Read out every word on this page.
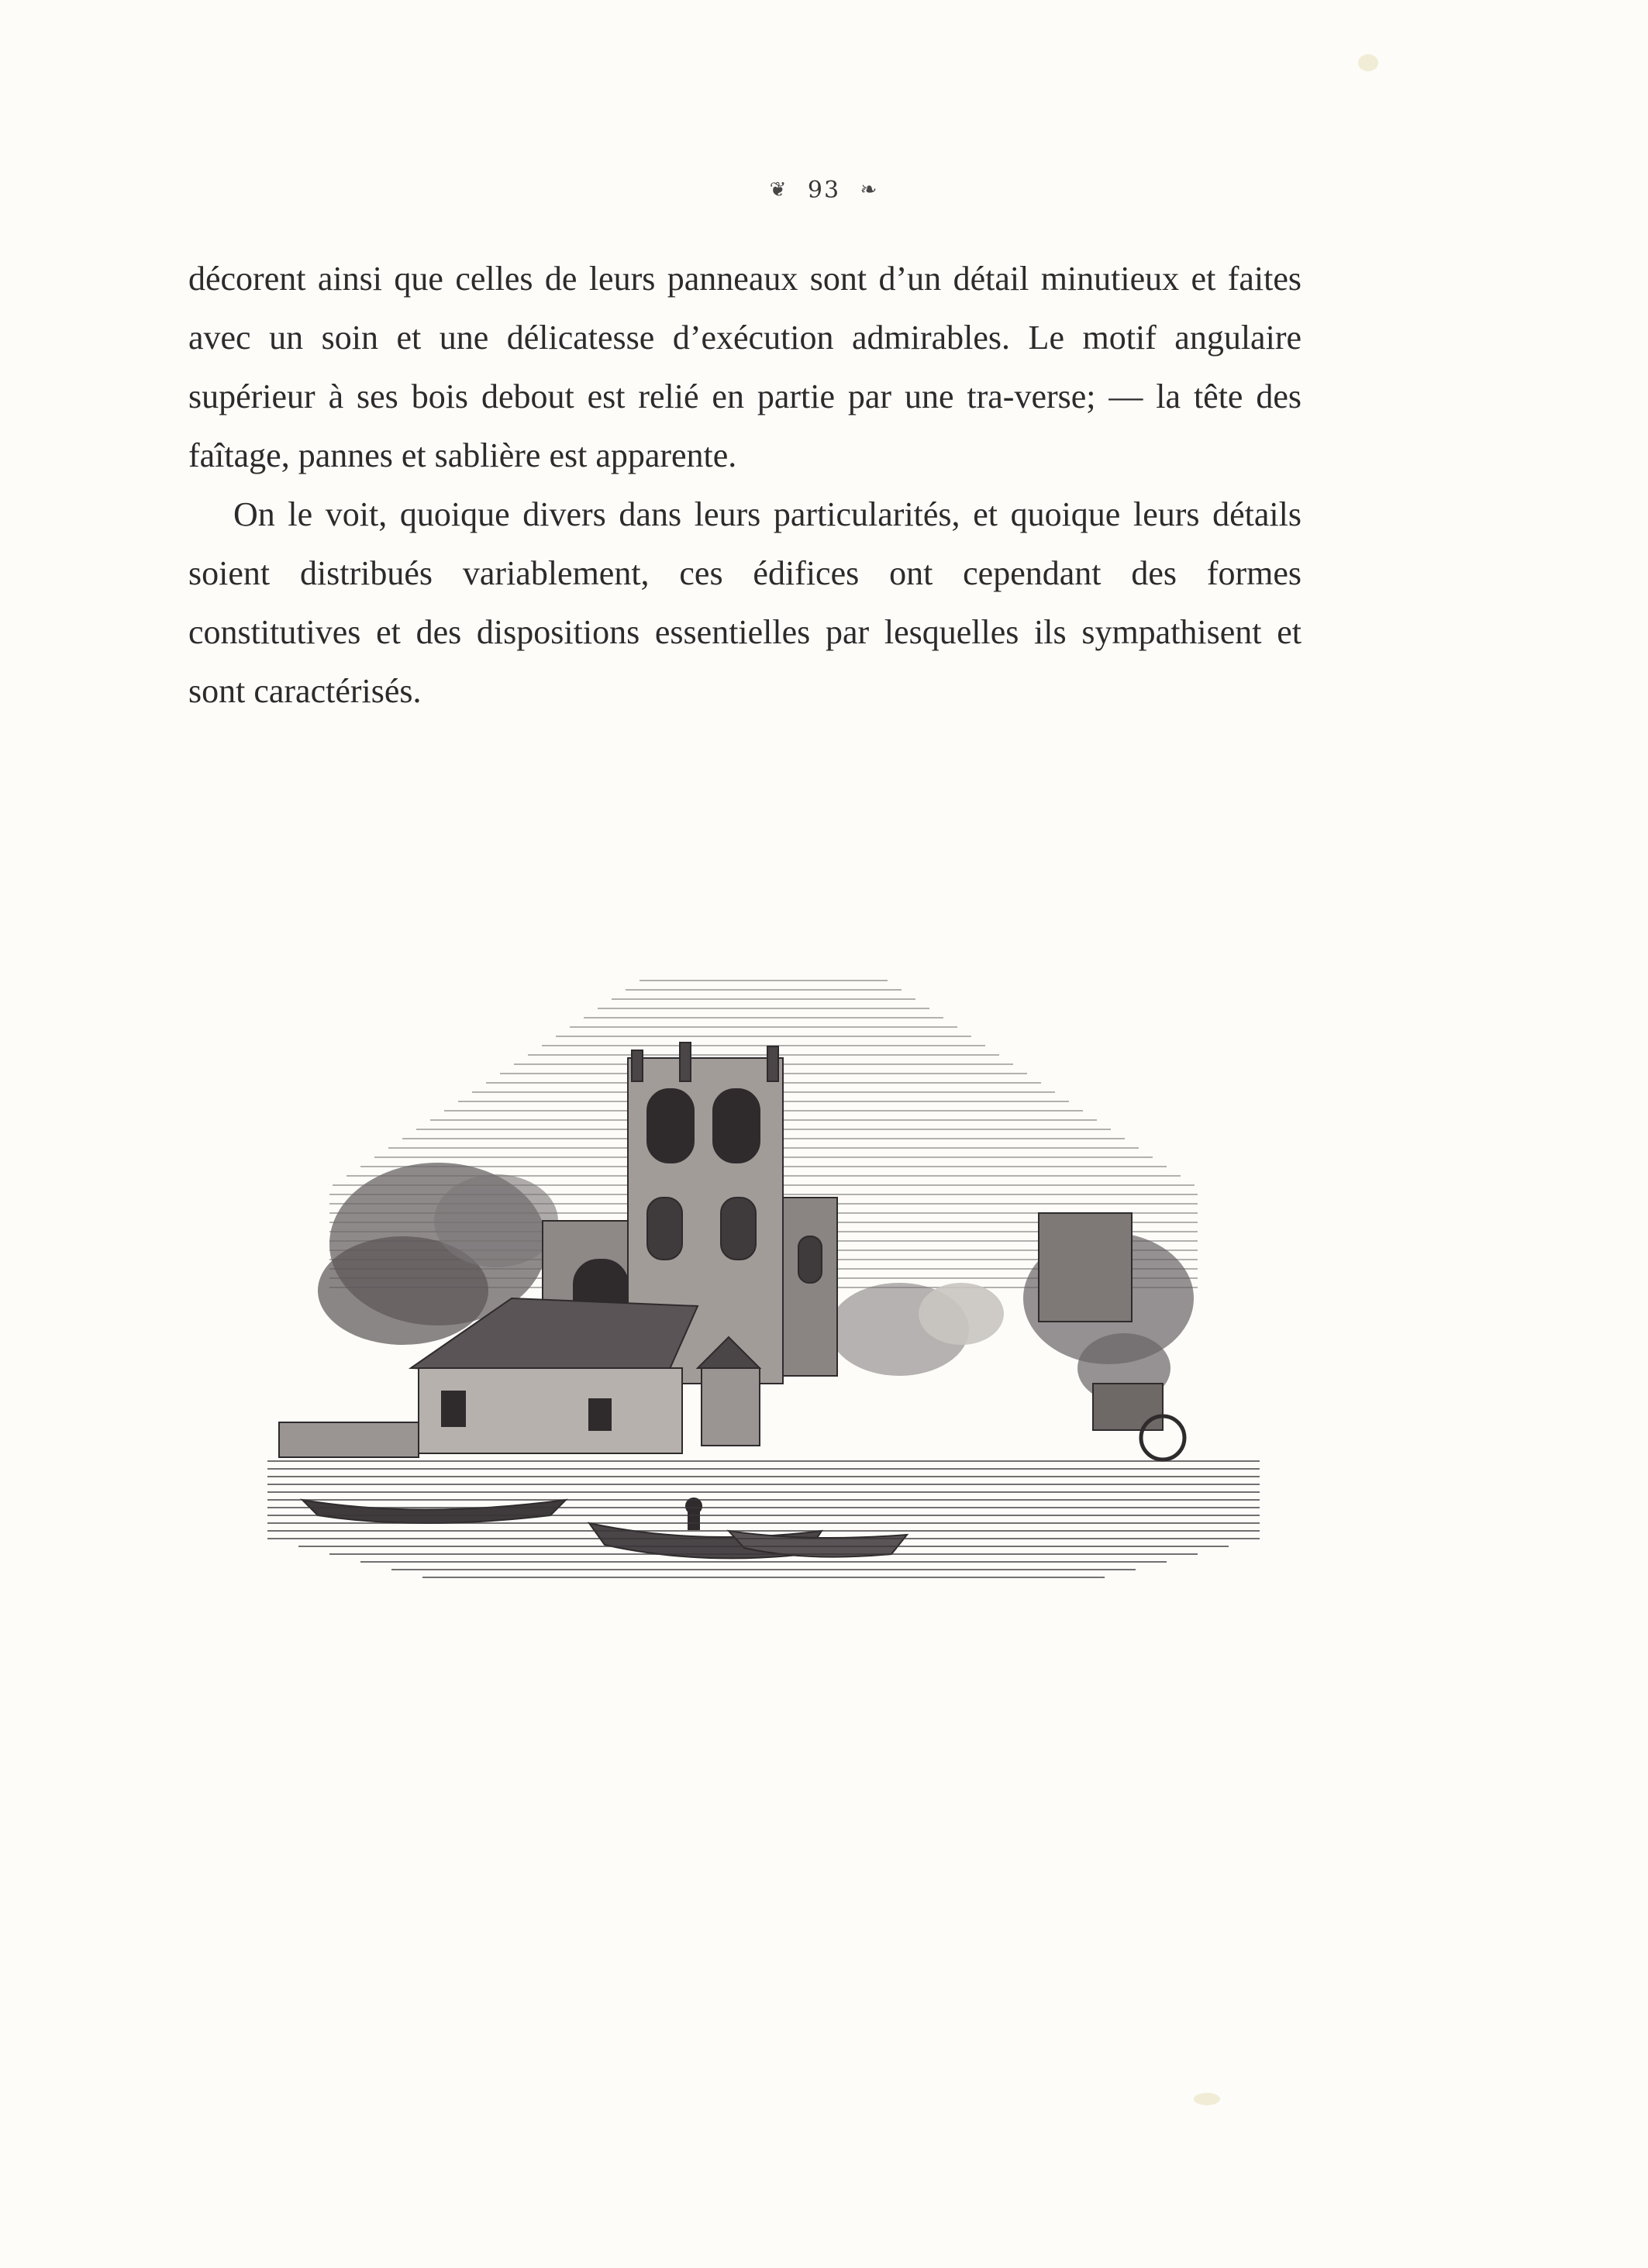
❦ 93 ❧

décorent ainsi que celles de leurs panneaux sont d’un détail minutieux et faites avec un soin et une délicatesse d’exécution admirables. Le motif angulaire supérieur à ses bois debout est relié en partie par une tra-verse; — la tête des faîtage, pannes et sablière est apparente.

On le voit, quoique divers dans leurs particularités, et quoique leurs détails soient distribués variablement, ces édifices ont cependant des formes constitutives et des dispositions essentielles par lesquelles ils sympathisent et sont caractérisés.
